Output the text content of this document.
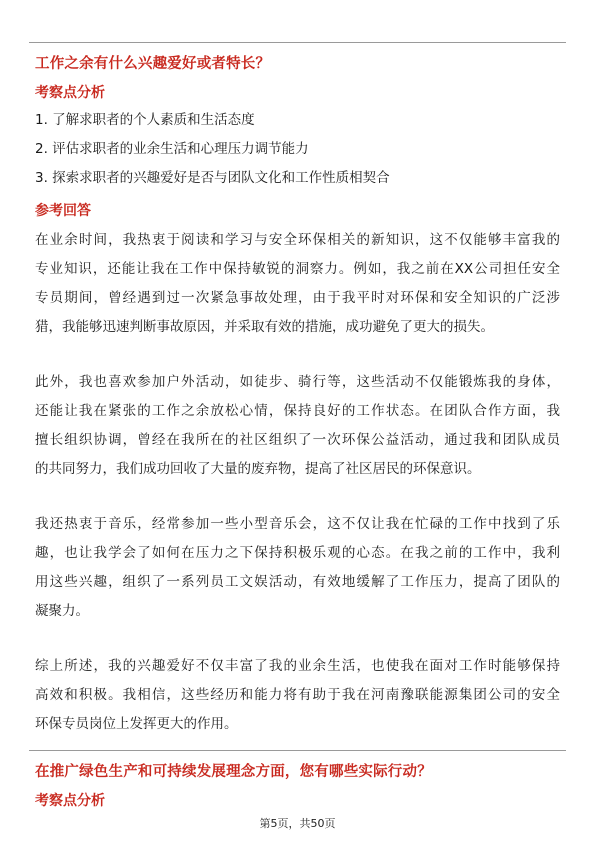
工作之余有什么兴趣爱好或者特长？
考察点分析
1. 了解求职者的个人素质和生活态度
2. 评估求职者的业余生活和心理压力调节能力
3. 探索求职者的兴趣爱好是否与团队文化和工作性质相契合
参考回答
在业余时间，我热衷于阅读和学习与安全环保相关的新知识，这不仅能够丰富我的
专业知识，还能让我在工作中保持敏锐的洞察力。例如，我之前在XX公司担任安全
专员期间，曾经遇到过一次紧急事故处理，由于我平时对环保和安全知识的广泛涉
猎，我能够迅速判断事故原因，并采取有效的措施，成功避免了更大的损失。
此外，我也喜欢参加户外活动，如徒步、骑行等，这些活动不仅能锻炼我的身体，
还能让我在紧张的工作之余放松心情，保持良好的工作状态。在团队合作方面，我
擅长组织协调，曾经在我所在的社区组织了一次环保公益活动，通过我和团队成员
的共同努力，我们成功回收了大量的废弃物，提高了社区居民的环保意识。
我还热衷于音乐，经常参加一些小型音乐会，这不仅让我在忙碌的工作中找到了乐
趣，也让我学会了如何在压力之下保持积极乐观的心态。在我之前的工作中，我利
用这些兴趣，组织了一系列员工文娱活动，有效地缓解了工作压力，提高了团队的
凝聚力。
综上所述，我的兴趣爱好不仅丰富了我的业余生活，也使我在面对工作时能够保持
高效和积极。我相信，这些经历和能力将有助于我在河南豫联能源集团公司的安全
环保专员岗位上发挥更大的作用。
在推广绿色生产和可持续发展理念方面，您有哪些实际行动？
考察点分析
第5页，共50页
